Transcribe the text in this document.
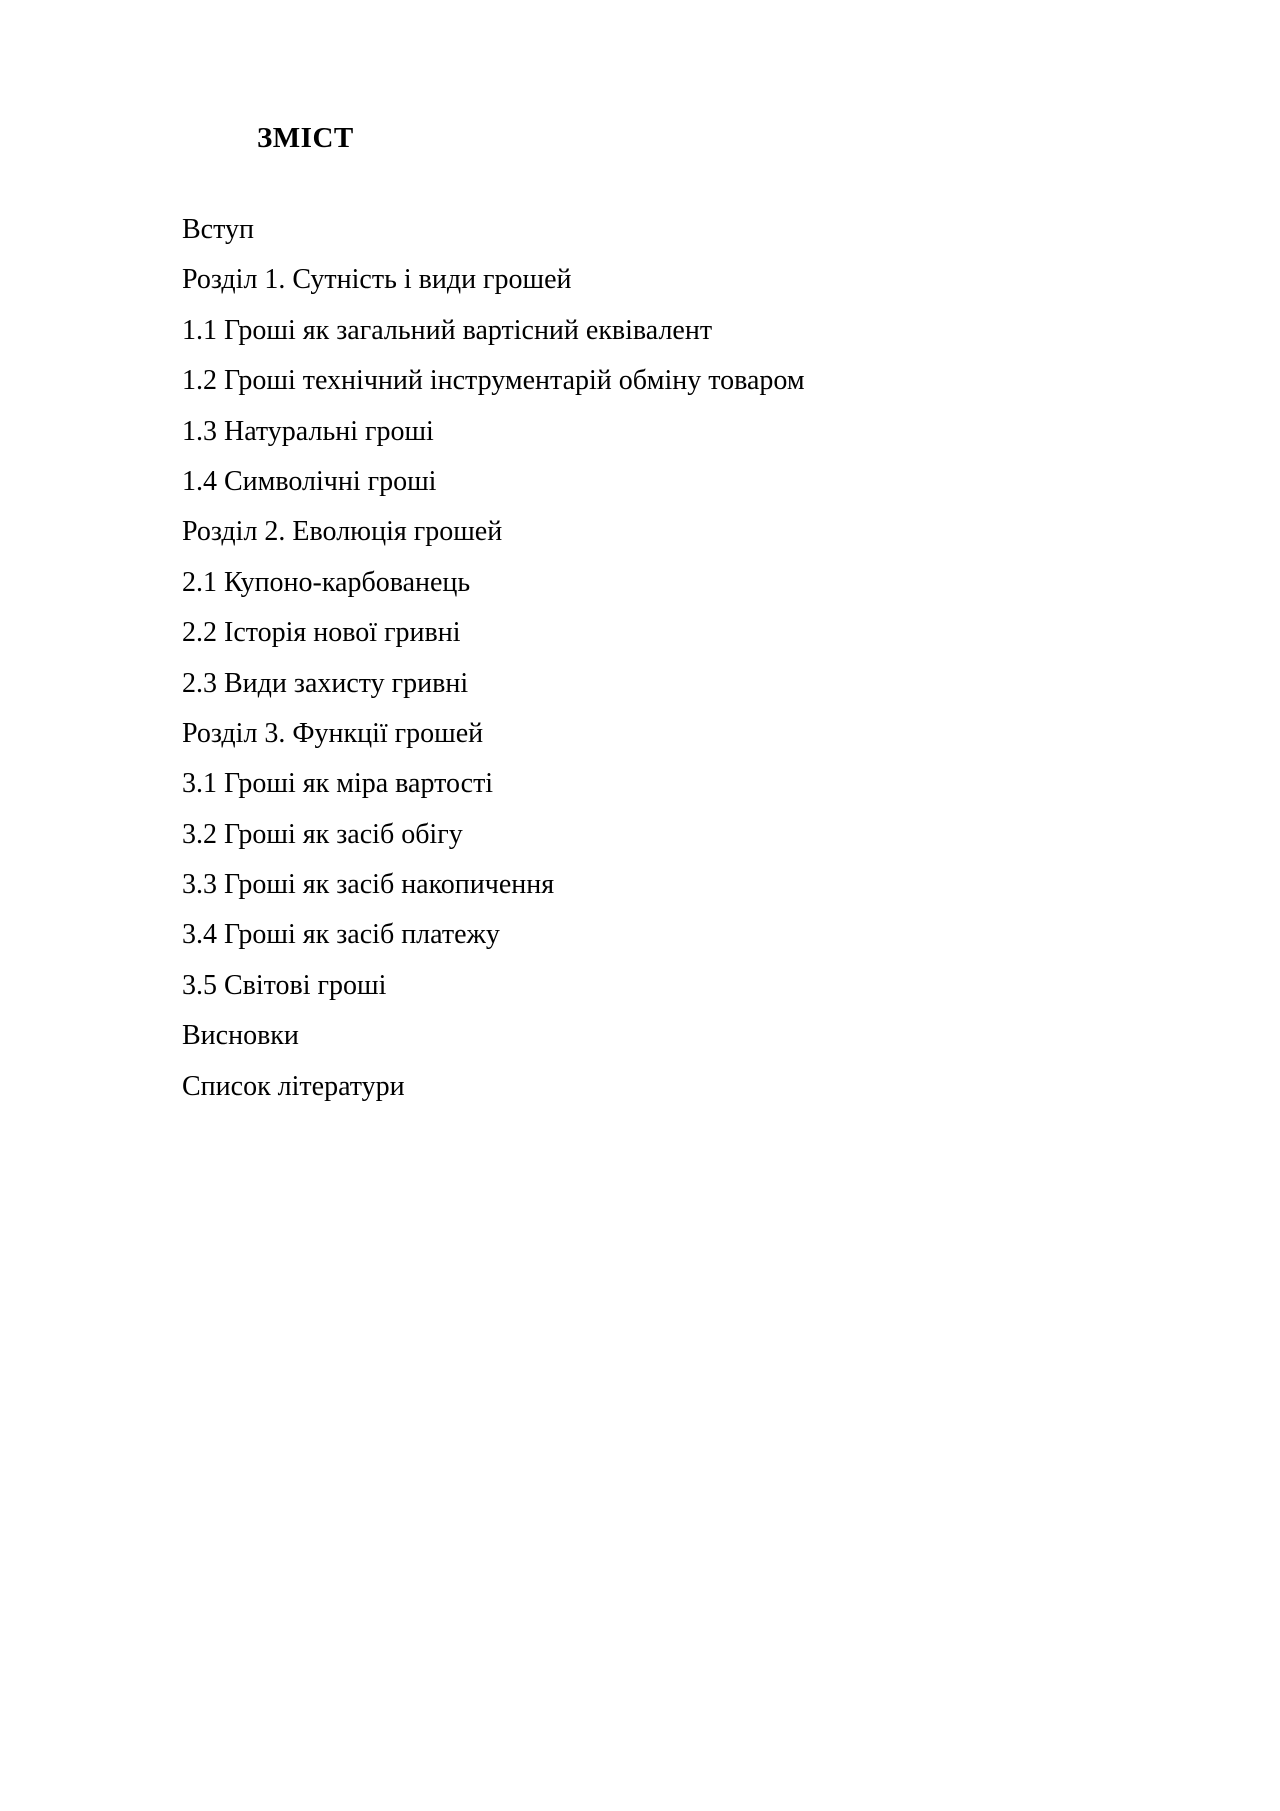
ЗМІСТ
Вступ
Розділ 1. Сутність і види грошей
1.1 Гроші як загальний вартісний еквівалент
1.2 Гроші технічний інструментарій обміну товаром
1.3 Натуральні гроші
1.4 Символічні гроші
Розділ 2. Еволюція грошей
2.1 Купоно-карбованець
2.2 Історія нової гривні
2.3 Види захисту гривні
Розділ 3. Функції грошей
3.1 Гроші як міра вартості
3.2 Гроші як засіб обігу
3.3 Гроші як засіб накопичення
3.4 Гроші як засіб платежу
3.5 Світові гроші
Висновки
Список літератури
